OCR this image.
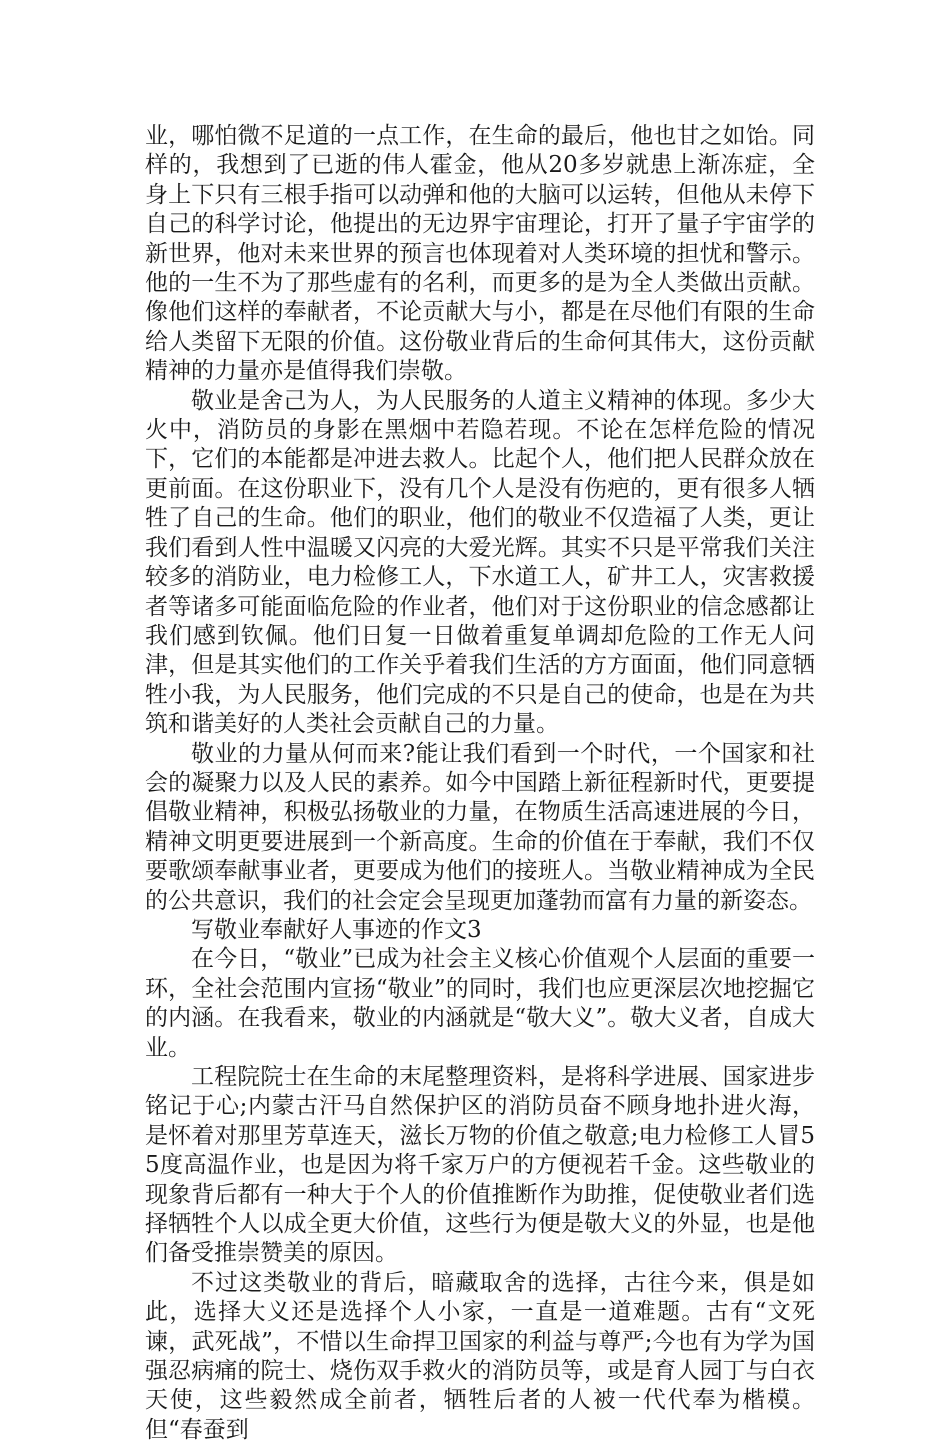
业，哪怕微不足道的一点工作，在生命的最后，他也甘之如饴。同样的，我想到了已逝的伟人霍金，他从20多岁就患上渐冻症，全身上下只有三根手指可以动弹和他的大脑可以运转，但他从未停下自己的科学讨论，他提出的无边界宇宙理论，打开了量子宇宙学的新世界，他对未来世界的预言也体现着对人类环境的担忧和警示。他的一生不为了那些虚有的名利，而更多的是为全人类做出贡献。像他们这样的奉献者，不论贡献大与小，都是在尽他们有限的生命给人类留下无限的价值。这份敬业背后的生命何其伟大，这份贡献精神的力量亦是值得我们崇敬。

敬业是舍己为人，为人民服务的人道主义精神的体现。多少大火中，消防员的身影在黑烟中若隐若现。不论在怎样危险的情况下，它们的本能都是冲进去救人。比起个人，他们把人民群众放在更前面。在这份职业下，没有几个人是没有伤疤的，更有很多人牺牲了自己的生命。他们的职业，他们的敬业不仅造福了人类，更让我们看到人性中温暖又闪亮的大爱光辉。其实不只是平常我们关注较多的消防业，电力检修工人，下水道工人，矿井工人，灾害救援者等诸多可能面临危险的作业者，他们对于这份职业的信念感都让我们感到钦佩。他们日复一日做着重复单调却危险的工作无人问津，但是其实他们的工作关乎着我们生活的方方面面，他们同意牺牲小我，为人民服务，他们完成的不只是自己的使命，也是在为共筑和谐美好的人类社会贡献自己的力量。

敬业的力量从何而来?能让我们看到一个时代，一个国家和社会的凝聚力以及人民的素养。如今中国踏上新征程新时代，更要提倡敬业精神，积极弘扬敬业的力量，在物质生活高速进展的今日，精神文明更要进展到一个新高度。生命的价值在于奉献，我们不仅要歌颂奉献事业者，更要成为他们的接班人。当敬业精神成为全民的公共意识，我们的社会定会呈现更加蓬勃而富有力量的新姿态。

写敬业奉献好人事迹的作文3

在今日，“敬业”已成为社会主义核心价值观个人层面的重要一环，全社会范围内宣扬“敬业”的同时，我们也应更深层次地挖掘它的内涵。在我看来，敬业的内涵就是“敬大义”。敬大义者，自成大业。

工程院院士在生命的末尾整理资料，是将科学进展、国家进步铭记于心;内蒙古汗马自然保护区的消防员奋不顾身地扑进火海，是怀着对那里芳草连天，滋长万物的价值之敬意;电力检修工人冒55度高温作业，也是因为将千家万户的方便视若千金。这些敬业的现象背后都有一种大于个人的价值推断作为助推，促使敬业者们选择牺牲个人以成全更大价值，这些行为便是敬大义的外显，也是他们备受推崇赞美的原因。

不过这类敬业的背后，暗藏取舍的选择，古往今来，俱是如此，选择大义还是选择个人小家，一直是一道难题。古有“文死谏，武死战”，不惜以生命捍卫国家的利益与尊严;今也有为学为国强忍病痛的院士、烧伤双手救火的消防员等，或是育人园丁与白衣天使，这些毅然成全前者，牺牲后者的人被一代代奉为楷模。但“春蚕到
